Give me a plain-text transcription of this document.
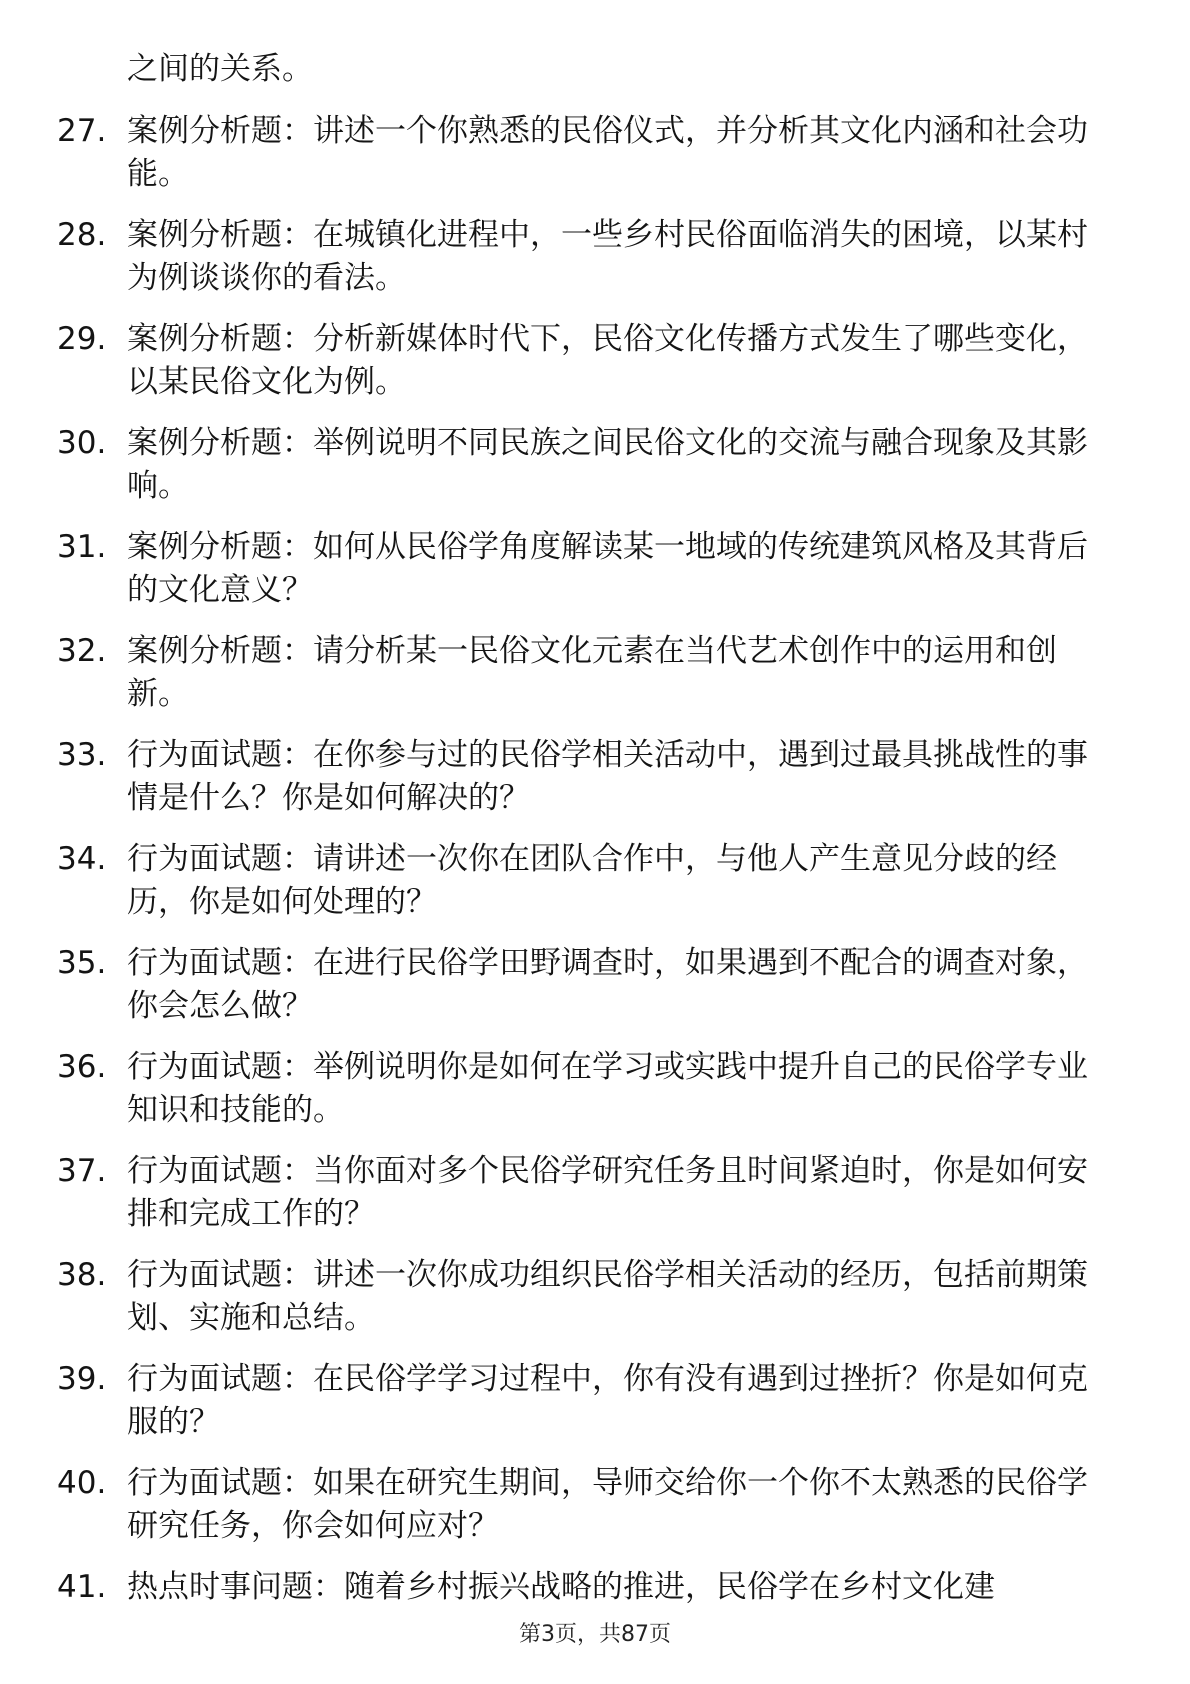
之间的关系。

27. 案例分析题：讲述一个你熟悉的民俗仪式，并分析其文化内涵和社会功能。
28. 案例分析题：在城镇化进程中，一些乡村民俗面临消失的困境，以某村为例谈谈你的看法。
29. 案例分析题：分析新媒体时代下，民俗文化传播方式发生了哪些变化，以某民俗文化为例。
30. 案例分析题：举例说明不同民族之间民俗文化的交流与融合现象及其影响。
31. 案例分析题：如何从民俗学角度解读某一地域的传统建筑风格及其背后的文化意义？
32. 案例分析题：请分析某一民俗文化元素在当代艺术创作中的运用和创新。
33. 行为面试题：在你参与过的民俗学相关活动中，遇到过最具挑战性的事情是什么？你是如何解决的？
34. 行为面试题：请讲述一次你在团队合作中，与他人产生意见分歧的经历，你是如何处理的？
35. 行为面试题：在进行民俗学田野调查时，如果遇到不配合的调查对象，你会怎么做？
36. 行为面试题：举例说明你是如何在学习或实践中提升自己的民俗学专业知识和技能的。
37. 行为面试题：当你面对多个民俗学研究任务且时间紧迫时，你是如何安排和完成工作的？
38. 行为面试题：讲述一次你成功组织民俗学相关活动的经历，包括前期策划、实施和总结。
39. 行为面试题：在民俗学学习过程中，你有没有遇到过挫折？你是如何克服的？
40. 行为面试题：如果在研究生期间，导师交给你一个你不太熟悉的民俗学研究任务，你会如何应对？
41. 热点时事问题：随着乡村振兴战略的推进，民俗学在乡村文化建
第3页，共87页
